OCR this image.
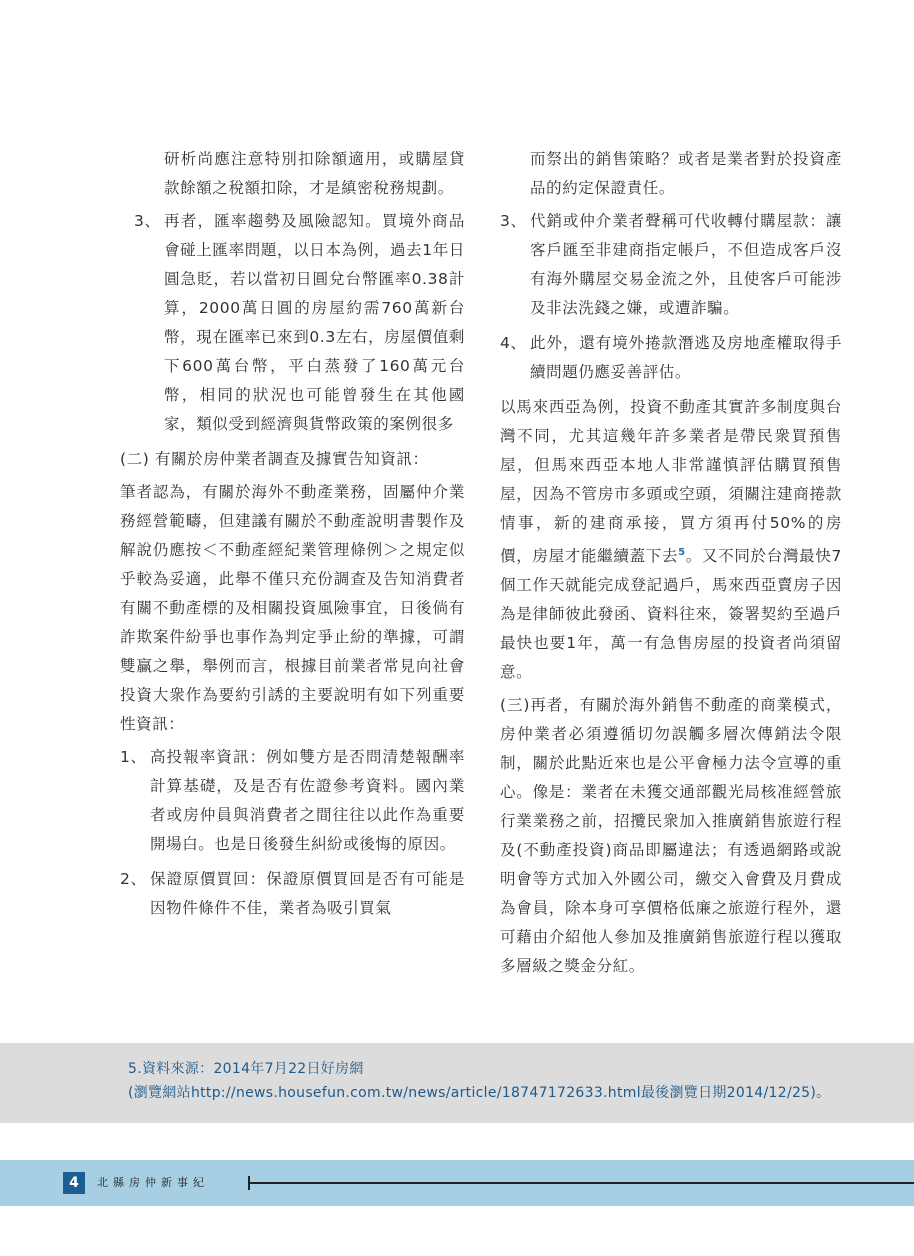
研析尚應注意特別扣除額適用，或購屋貸款餘額之稅額扣除，才是縝密稅務規劃。

3、 再者，匯率趨勢及風險認知。買境外商品會碰上匯率問題，以日本為例，過去1年日圓急貶，若以當初日圓兌台幣匯率0.38計算，2000萬日圓的房屋約需760萬新台幣，現在匯率已來到0.3左右，房屋價值剩下600萬台幣，平白蒸發了160萬元台幣，相同的狀況也可能曾發生在其他國家，類似受到經濟與貨幣政策的案例很多

(二) 有關於房仲業者調查及據實告知資訊：

筆者認為，有關於海外不動產業務，固屬仲介業務經營範疇，但建議有關於不動產說明書製作及解說仍應按＜不動產經紀業管理條例＞之規定似乎較為妥適，此舉不僅只充份調查及告知消費者有關不動產標的及相關投資風險事宜，日後倘有詐欺案件紛爭也事作為判定爭止紛的準據，可謂雙贏之舉，舉例而言，根據目前業者常見向社會投資大衆作為要約引誘的主要說明有如下列重要性資訊：

1、 高投報率資訊：例如雙方是否問清楚報酬率計算基礎，及是否有佐證參考資料。國內業者或房仲員與消費者之間往往以此作為重要開場白。也是日後發生糾紛或後悔的原因。
2、 保證原價買回：保證原價買回是否有可能是因物件條件不佳，業者為吸引買氣

而祭出的銷售策略？或者是業者對於投資產品的約定保證責任。

3、 代銷或仲介業者聲稱可代收轉付購屋款：讓客戶匯至非建商指定帳戶，不但造成客戶沒有海外購屋交易金流之外，且使客戶可能涉及非法洗錢之嫌，或遭詐騙。
4、 此外，還有境外捲款潛逃及房地產權取得手續問題仍應妥善評估。

以馬來西亞為例，投資不動產其實許多制度與台灣不同，尤其這幾年許多業者是帶民衆買預售屋，但馬來西亞本地人非常謹慎評估購買預售屋，因為不管房市多頭或空頭，須關注建商捲款情事，新的建商承接，買方須再付50%的房價，房屋才能繼續蓋下去$^5$。又不同於台灣最快7個工作天就能完成登記過戶，馬來西亞賣房子因為是律師彼此發函、資料往來，簽署契約至過戶最快也要1年，萬一有急售房屋的投資者尚須留意。

(三)再者，有關於海外銷售不動產的商業模式，房仲業者必須遵循切勿誤觸多層次傳銷法令限制，關於此點近來也是公平會極力法令宣導的重心。像是：業者在未獲交通部觀光局核准經營旅行業業務之前，招攬民衆加入推廣銷售旅遊行程及(不動產投資)商品即屬違法；有透過網路或說明會等方式加入外國公司，繳交入會費及月費成為會員，除本身可享價格低廉之旅遊行程外，還可藉由介紹他人參加及推廣銷售旅遊行程以獲取多層級之獎金分紅。

5.資料來源：2014年7月22日好房網
(瀏覽網站http://news.housefun.com.tw/news/article/18747172633.html最後瀏覽日期2014/12/25)。
4	北縣房仲新事紀
